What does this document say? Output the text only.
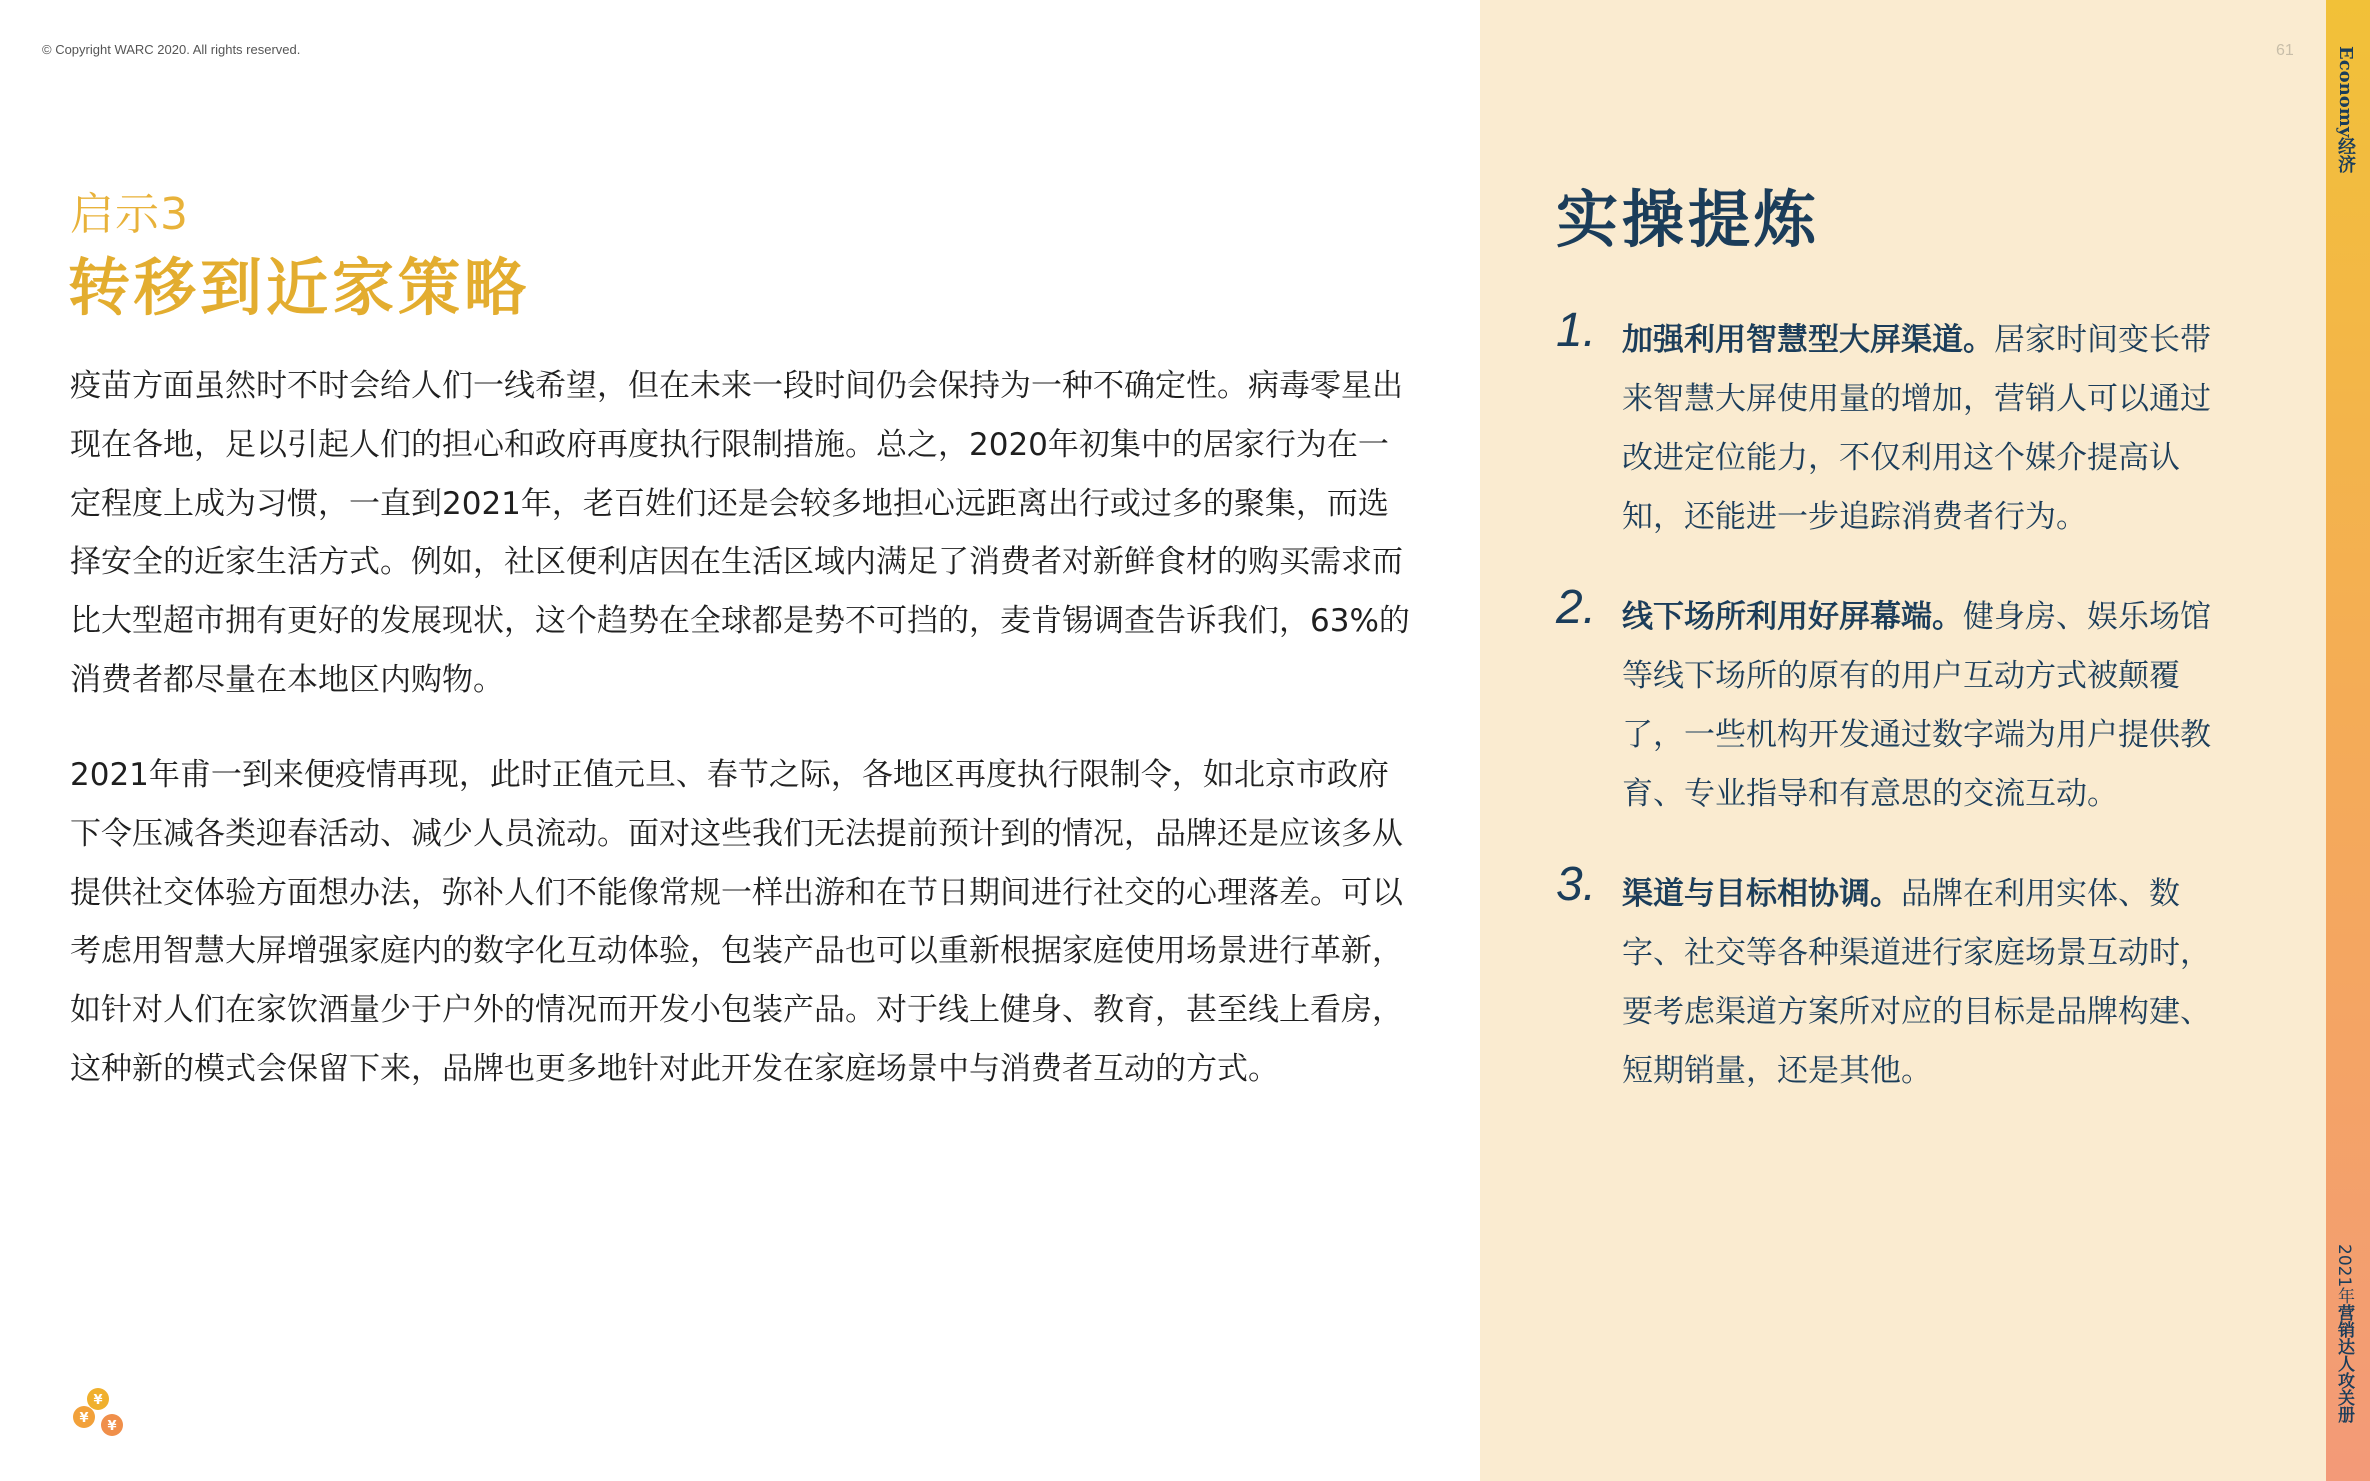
© Copyright WARC 2020. All rights reserved.
启示3
转移到近家策略

疫苗方面虽然时不时会给人们一线希望，但在未来一段时间仍会保持为一种不确定性。病毒零星出现在各地，足以引起人们的担心和政府再度执行限制措施。总之，2020年初集中的居家行为在一定程度上成为习惯，一直到2021年，老百姓们还是会较多地担心远距离出行或过多的聚集，而选择安全的近家生活方式。例如，社区便利店因在生活区域内满足了消费者对新鲜食材的购买需求而比大型超市拥有更好的发展现状，这个趋势在全球都是势不可挡的，麦肯锡调查告诉我们，63%的消费者都尽量在本地区内购物。

2021年甫一到来便疫情再现，此时正值元旦、春节之际，各地区再度执行限制令，如北京市政府下令压减各类迎春活动、减少人员流动。面对这些我们无法提前预计到的情况，品牌还是应该多从提供社交体验方面想办法，弥补人们不能像常规一样出游和在节日期间进行社交的心理落差。可以考虑用智慧大屏增强家庭内的数字化互动体验，包装产品也可以重新根据家庭使用场景进行革新，如针对人们在家饮酒量少于户外的情况而开发小包装产品。对于线上健身、教育，甚至线上看房，这种新的模式会保留下来，品牌也更多地针对此开发在家庭场景中与消费者互动的方式。

¥
¥
¥
61
实操提炼
1. 加强利用智慧型大屏渠道。居家时间变长带来智慧大屏使用量的增加，营销人可以通过改进定位能力，不仅利用这个媒介提高认知，还能进一步追踪消费者行为。
2. 线下场所利用好屏幕端。健身房、娱乐场馆等线下场所的原有的用户互动方式被颠覆了，一些机构开发通过数字端为用户提供教育、专业指导和有意思的交流互动。
3. 渠道与目标相协调。品牌在利用实体、数字、社交等各种渠道进行家庭场景互动时，要考虑渠道方案所对应的目标是品牌构建、短期销量，还是其他。
Economy经济
2021年营销达人攻关册
